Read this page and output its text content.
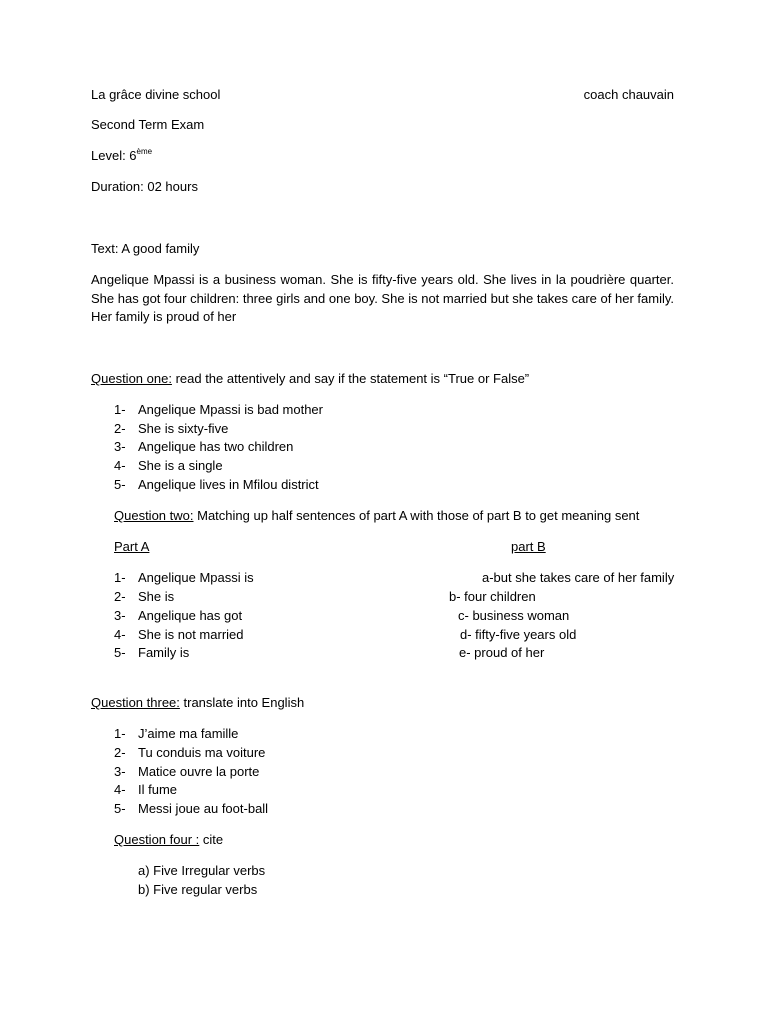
La grâce divine school	coach chauvain
Second Term Exam
Level: 6ème
Duration: 02 hours
Text: A good family
Angelique Mpassi is a business woman. She is fifty-five years old. She lives in la poudrière quarter. She has got four children: three girls and one boy. She is not married but she takes care of her family. Her family is proud of her
Question one: read the attentively and say if the statement is “True or False”
1- Angelique Mpassi is bad mother
2- She is sixty-five
3- Angelique has two children
4- She is a single
5- Angelique lives in Mfilou district
Question two: Matching up half sentences of part A with those of part B to get meaning sent
Part A	part B
1- Angelique Mpassi is	a-but she takes care of her family
2- She is	b- four children
3- Angelique has got	c- business woman
4- She is not married	d- fifty-five years old
5- Family is	e- proud of her
Question three: translate into English
1- J’aime ma famille
2- Tu conduis ma voiture
3- Matice ouvre la porte
4- Il fume
5- Messi joue au foot-ball
Question four : cite
a) Five Irregular verbs
b) Five regular verbs
